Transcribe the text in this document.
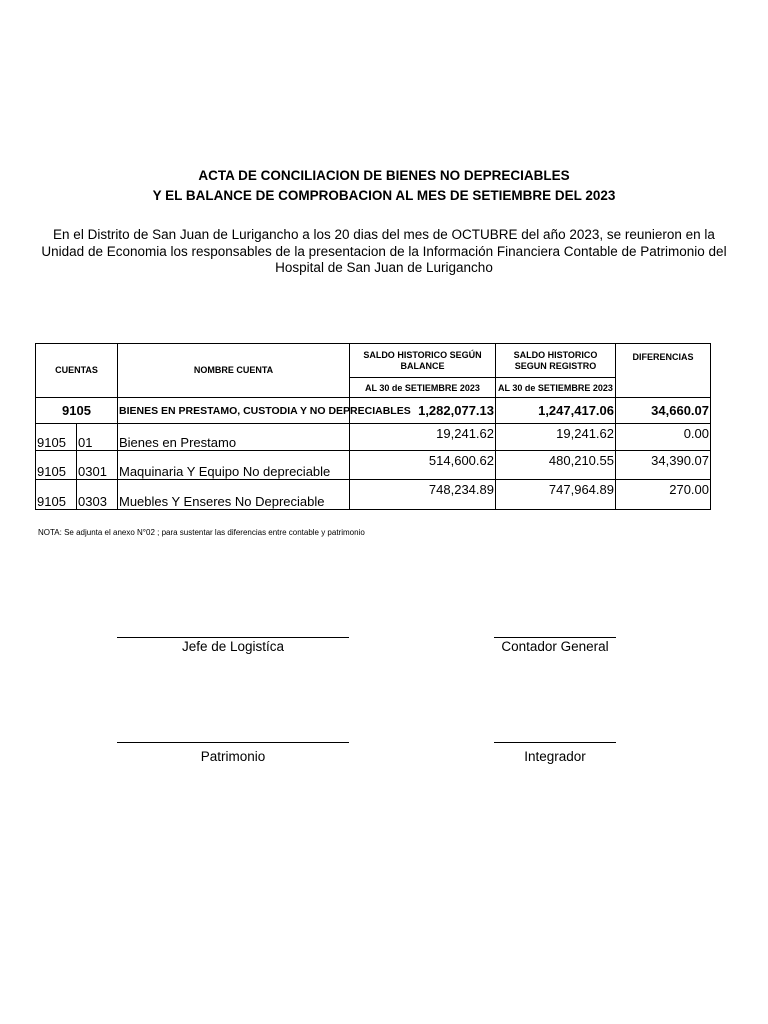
ACTA DE CONCILIACION DE BIENES NO DEPRECIABLES
Y EL BALANCE DE COMPROBACION AL MES DE SETIEMBRE DEL 2023
En el Distrito de San Juan de Lurigancho a los 20 dias del mes de OCTUBRE del año 2023, se reunieron en la Unidad de Economia los responsables de la presentacion de la Información Financiera Contable de Patrimonio del Hospital de San Juan de Lurigancho
CUENTAS		NOMBRE CUENTA	SALDO HISTORICO SEGÚN BALANCE	SALDO HISTORICO SEGUN REGISTRO	DIFERENCIAS
			AL 30 de SETIEMBRE 2023	AL 30 de SETIEMBRE 2023	
9105		BIENES EN PRESTAMO, CUSTODIA Y NO DEPRECIABLES	1,282,077.13	1,247,417.06	34,660.07
9105	01	Bienes en Prestamo	19,241.62	19,241.62	0.00
9105	0301	Maquinaria Y Equipo No depreciable	514,600.62	480,210.55	34,390.07
9105	0303	Muebles Y Enseres No Depreciable	748,234.89	747,964.89	270.00
NOTA: Se adjunta el anexo N°02 ; para sustentar las diferencias entre contable y patrimonio
Jefe de Logistíca	Contador General
Patrimonio	Integrador
